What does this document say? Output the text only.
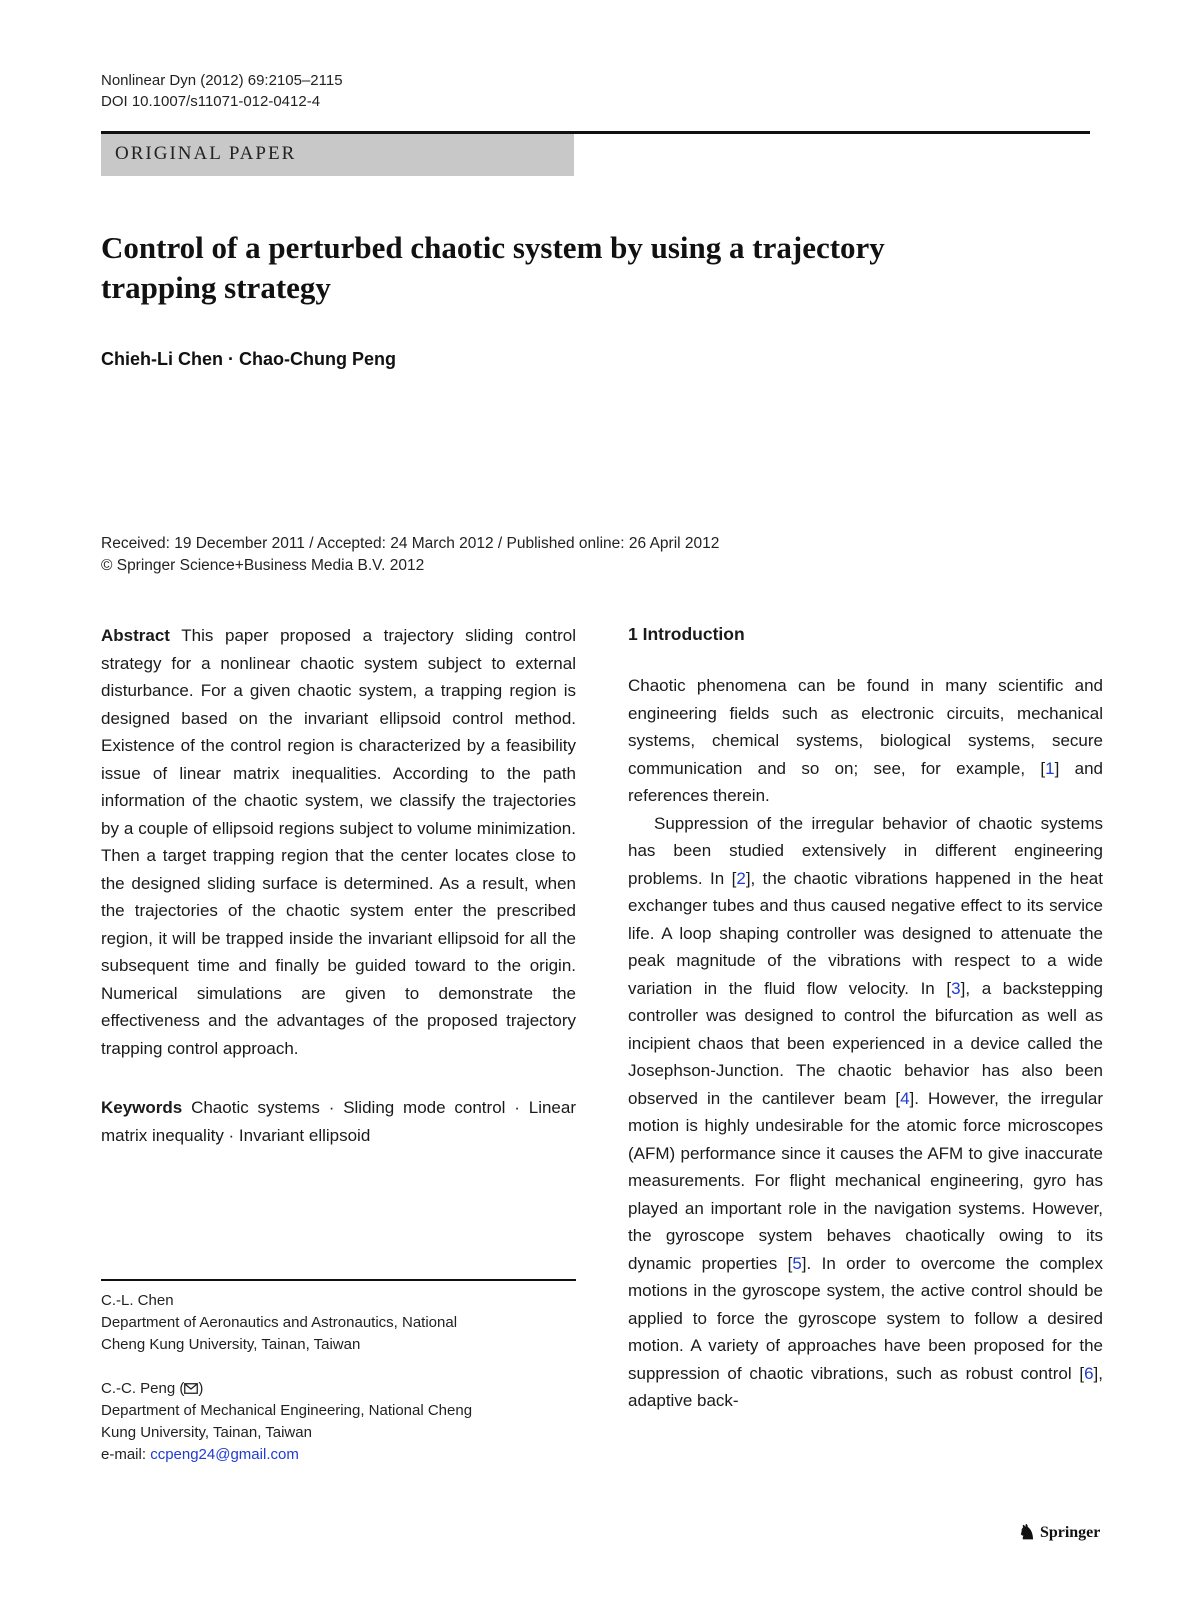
Nonlinear Dyn (2012) 69:2105–2115
DOI 10.1007/s11071-012-0412-4
ORIGINAL PAPER
Control of a perturbed chaotic system by using a trajectory trapping strategy
Chieh-Li Chen · Chao-Chung Peng
Received: 19 December 2011 / Accepted: 24 March 2012 / Published online: 26 April 2012
© Springer Science+Business Media B.V. 2012

Abstract This paper proposed a trajectory sliding control strategy for a nonlinear chaotic system subject to external disturbance. For a given chaotic system, a trapping region is designed based on the invariant ellipsoid control method. Existence of the control region is characterized by a feasibility issue of linear matrix inequalities. According to the path information of the chaotic system, we classify the trajectories by a couple of ellipsoid regions subject to volume minimization. Then a target trapping region that the center locates close to the designed sliding surface is determined. As a result, when the trajectories of the chaotic system enter the prescribed region, it will be trapped inside the invariant ellipsoid for all the subsequent time and finally be guided toward to the origin. Numerical simulations are given to demonstrate the effectiveness and the advantages of the proposed trajectory trapping control approach.

Keywords Chaotic systems · Sliding mode control · Linear matrix inequality · Invariant ellipsoid

C.-L. Chen
Department of Aeronautics and Astronautics, National
Cheng Kung University, Tainan, Taiwan
C.-C. Peng ( )
Department of Mechanical Engineering, National Cheng
Kung University, Tainan, Taiwan
e-mail: ccpeng24@gmail.com
1 Introduction

Chaotic phenomena can be found in many scientific and engineering fields such as electronic circuits, mechanical systems, chemical systems, biological systems, secure communication and so on; see, for example, [1] and references therein.

Suppression of the irregular behavior of chaotic systems has been studied extensively in different engineering problems. In [2], the chaotic vibrations happened in the heat exchanger tubes and thus caused negative effect to its service life. A loop shaping controller was designed to attenuate the peak magnitude of the vibrations with respect to a wide variation in the fluid flow velocity. In [3], a backstepping controller was designed to control the bifurcation as well as incipient chaos that been experienced in a device called the Josephson-Junction. The chaotic behavior has also been observed in the cantilever beam [4]. However, the irregular motion is highly undesirable for the atomic force microscopes (AFM) performance since it causes the AFM to give inaccurate measurements. For flight mechanical engineering, gyro has played an important role in the navigation systems. However, the gyroscope system behaves chaotically owing to its dynamic properties [5]. In order to overcome the complex motions in the gyroscope system, the active control should be applied to force the gyroscope system to follow a desired motion. A variety of approaches have been proposed for the suppression of chaotic vibrations, such as robust control [6], adaptive back-

♞ Springer
